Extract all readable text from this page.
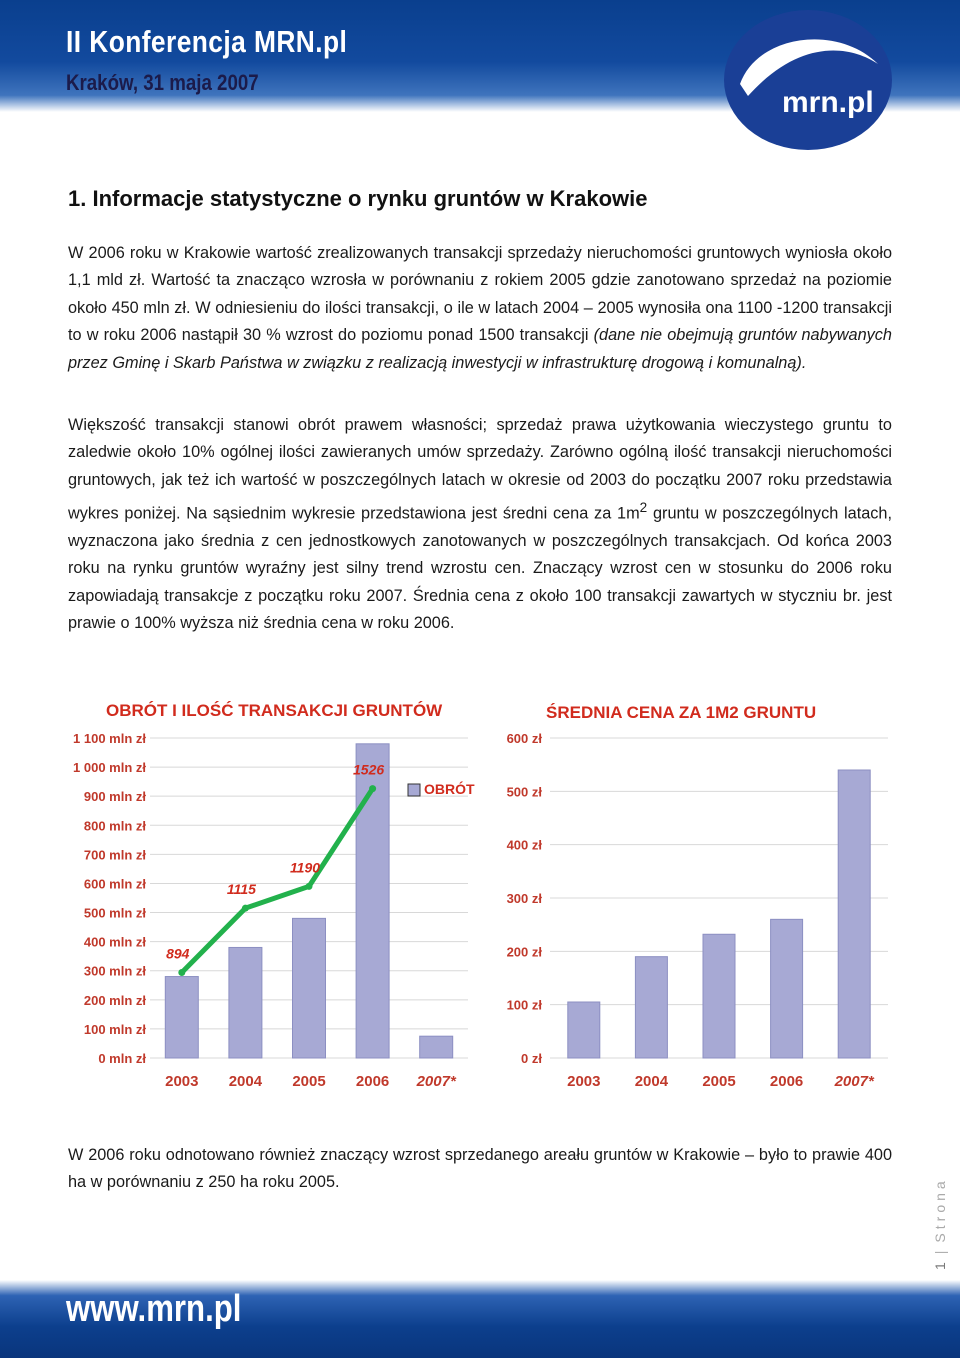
II Konferencja MRN.pl
Kraków, 31 maja 2007
mrn.pl
1. Informacje statystyczne o rynku gruntów w Krakowie

W 2006 roku w Krakowie wartość zrealizowanych transakcji sprzedaży nieruchomości gruntowych wyniosła około 1,1 mld zł. Wartość ta znacząco wzrosła w porównaniu z rokiem 2005 gdzie zanotowano sprzedaż na poziomie około 450 mln zł. W odniesieniu do ilości transakcji, o ile w latach 2004 – 2005 wynosiła ona 1100 -1200 transakcji to w roku 2006 nastąpił 30 % wzrost do poziomu ponad 1500 transakcji (dane nie obejmują gruntów nabywanych przez Gminę i Skarb Państwa w związku z realizacją inwestycji w infrastrukturę drogową i komunalną).

Większość transakcji stanowi obrót prawem własności; sprzedaż prawa użytkowania wieczystego gruntu to zaledwie około 10% ogólnej ilości zawieranych umów sprzedaży. Zarówno ogólną ilość transakcji nieruchomości gruntowych, jak też ich wartość w poszczególnych latach w okresie od 2003 do początku 2007 roku przedstawia wykres poniżej. Na sąsiednim wykresie przedstawiona jest średni cena za $1m^2$ gruntu w poszczególnych latach, wyznaczona jako średnia z cen jednostkowych zanotowanych w poszczególnych transakcjach. Od końca 2003 roku na rynku gruntów wyraźny jest silny trend wzrostu cen. Znaczący wzrost cen w stosunku do 2006 roku zapowiadają transakcje z początku roku 2007. Średnia cena z około 100 transakcji zawartych w styczniu br. jest prawie o 100% wyższa niż średnia cena w roku 2006.

OBRÓT I ILOŚĆ TRANSAKCJI GRUNTÓW
0 mln zł
100 mln zł
200 mln zł
300 mln zł
400 mln zł
500 mln zł
600 mln zł
700 mln zł
800 mln zł
900 mln zł
1 000 mln zł
1 100 mln zł
894
1115
1190
1526
2003 2004 2005 2006 2007*
OBRÓT
ŚREDNIA CENA ZA 1M2 GRUNTU
0 zł
100 zł
200 zł
300 zł
400 zł
500 zł
600 zł
2003 2004 2005 2006 2007*

W 2006 roku odnotowano również znaczący wzrost sprzedanego areału gruntów w Krakowie – było to prawie 400 ha w porównaniu z 250 ha roku 2005.

1|Strona
www.mrn.pl
